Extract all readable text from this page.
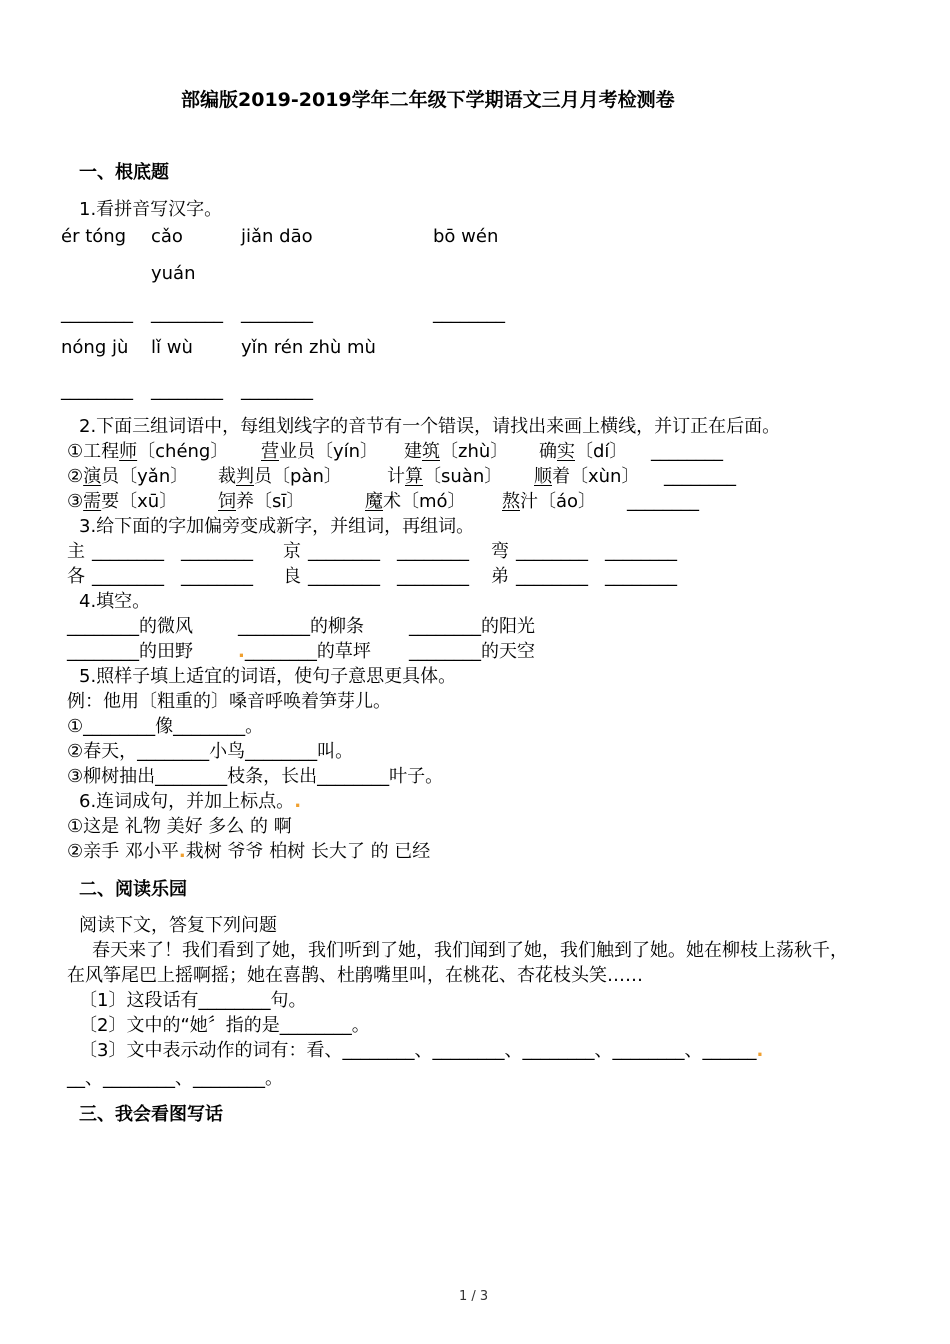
部编版2019-2019学年二年级下学期语文三月月考检测卷
一、根底题
1.看拼音写汉字。
ér tóng cǎo	jiǎn dāo	bō wén
yuán
________ ________ ________	________
nóng jù lǐ wù	yǐn rén zhù mù
________ ________ ________
2.下面三组词语中，每组划线字的音节有一个错误，请找出来画上横线，并订正在后面。
①工程师〔chéng〕 营业员〔yín〕 建筑〔zhù〕 确实〔dí〕 ________
②演员〔yǎn〕 裁判员〔pàn〕	计算〔suàn〕 顺着〔xùn〕 ________
③需要〔xū〕 饲养〔sī〕	魔术〔mó〕 熬汁〔áo〕 ________
3.给下面的字加偏旁变成新字，并组词，再组词。
主 ________ ________ 京 ________ ________ 弯 ________ ________
各 ________ ________ 良 ________ ________ 弟 ________ ________
4.填空。
________的微风	________的柳条	________的阳光
________的田野	.________的草坪 ________的天空
5.照样子填上适宜的词语，使句子意思更具体。
例：他用〔粗重的〕嗓音呼唤着笋芽儿。
①________像________。
②春天，________小鸟________叫。
③柳树抽出________枝条，长出________叶子。
6.连词成句，并加上标点。.
①这是 礼物 美好 多么 的 啊
②亲手 邓小平.栽树 爷爷 柏树 长大了 的 已经
二、阅读乐园
阅读下文，答复下列问题
春天来了！我们看到了她，我们听到了她，我们闻到了她，我们触到了她。她在柳枝上荡秋千，
在风筝尾巴上摇啊摇；她在喜鹊、杜鹃嘴里叫，在桃花、杏花枝头笑……
〔1〕这段话有________句。
〔2〕文中的“她〞指的是________。
〔3〕文中表示动作的词有：看、________、________、________、________、______.
__、________、________。
三、我会看图写话
1 / 3
